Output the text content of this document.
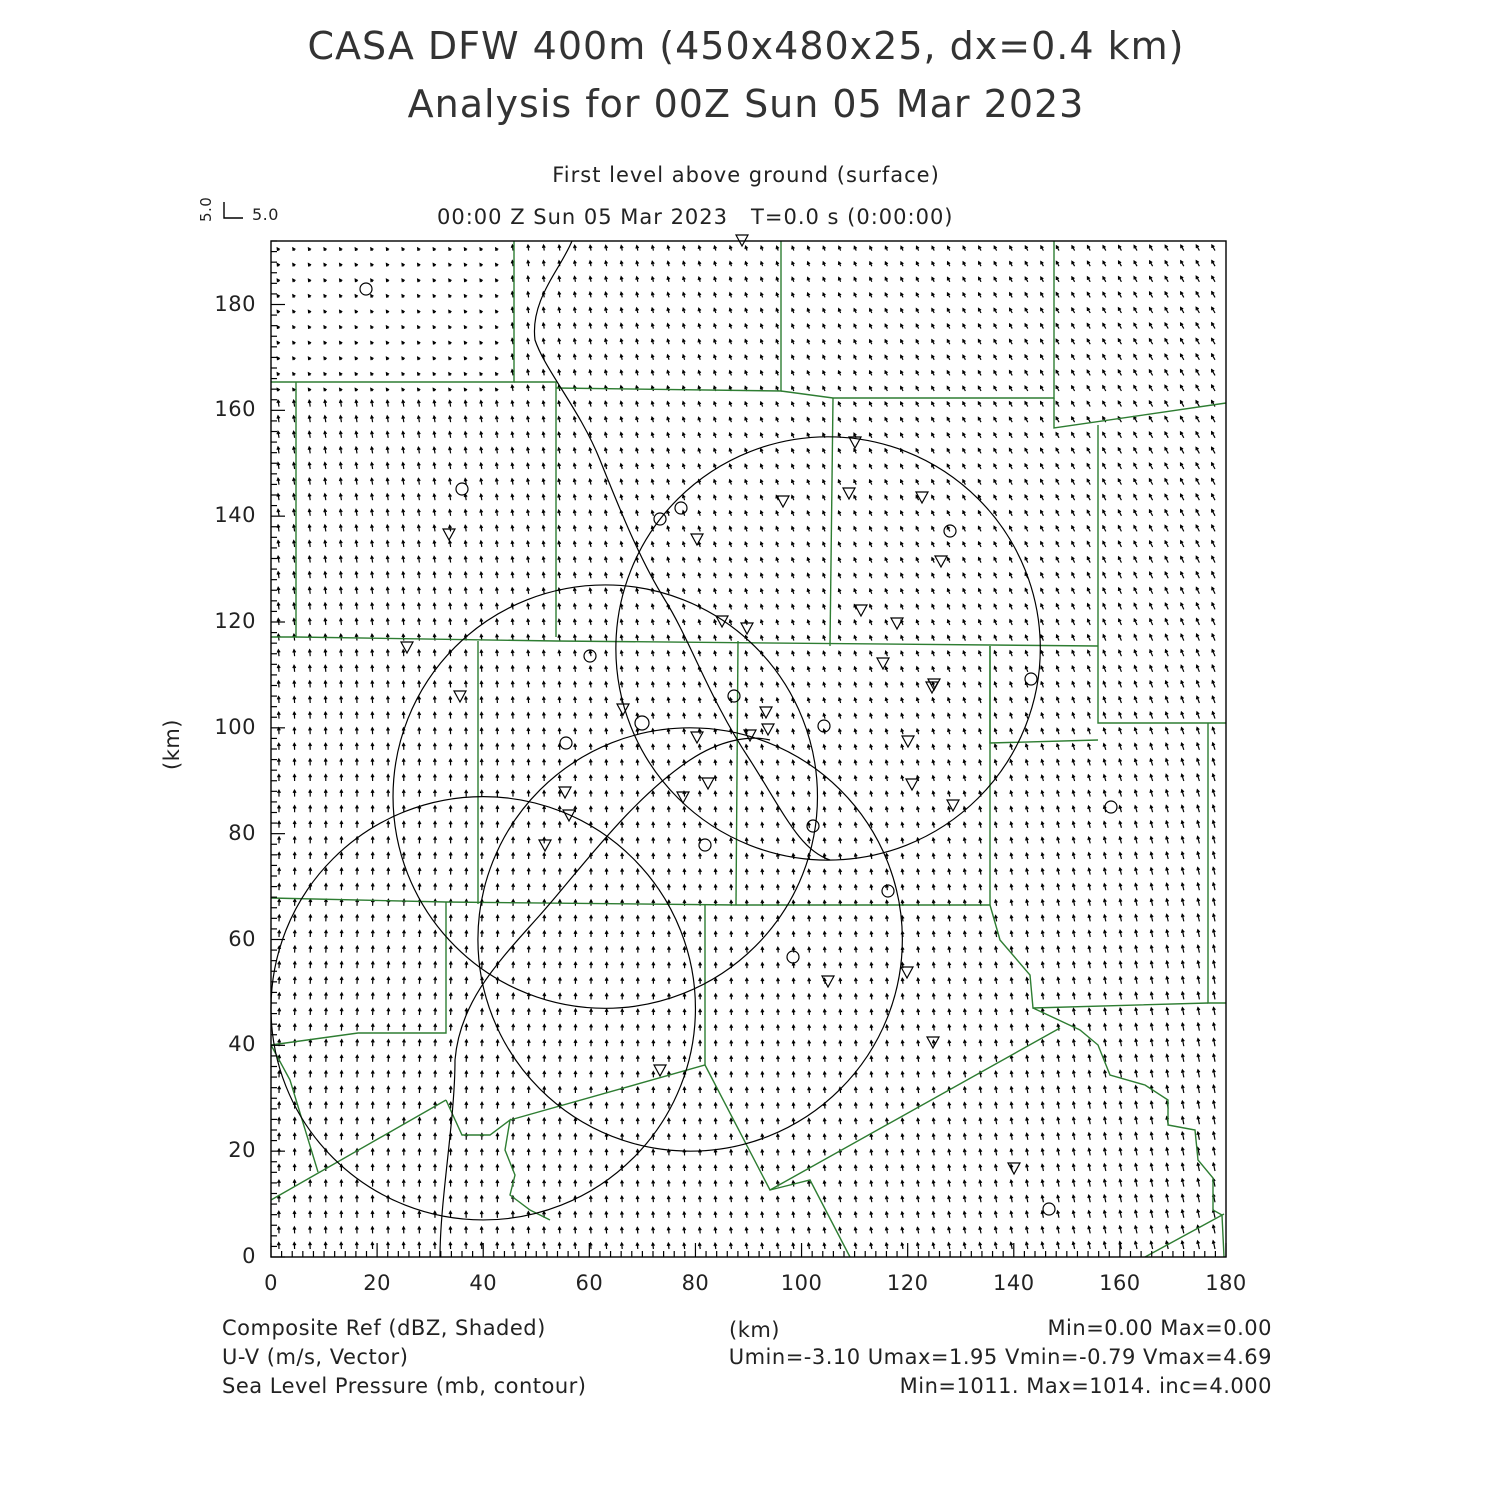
CASA DFW 400m (450x480x25, dx=0.4 km)
Analysis for 00Z Sun 05 Mar 2023
First level above ground (surface)
00:00 Z Sun 05 Mar 2023   T=0.0 s (0:00:00)
5.0 5.0
0	20	40	60	80	100	120	140	160	180
0
20
40
60
80
100
120
140
160
180
(km)
(km)
Composite Ref (dBZ, Shaded)
U-V (m/s, Vector)
Sea Level Pressure (mb, contour)
Min=0.00 Max=0.00
Umin=-3.10 Umax=1.95 Vmin=-0.79 Vmax=4.69
Min=1011. Max=1014. inc=4.000
